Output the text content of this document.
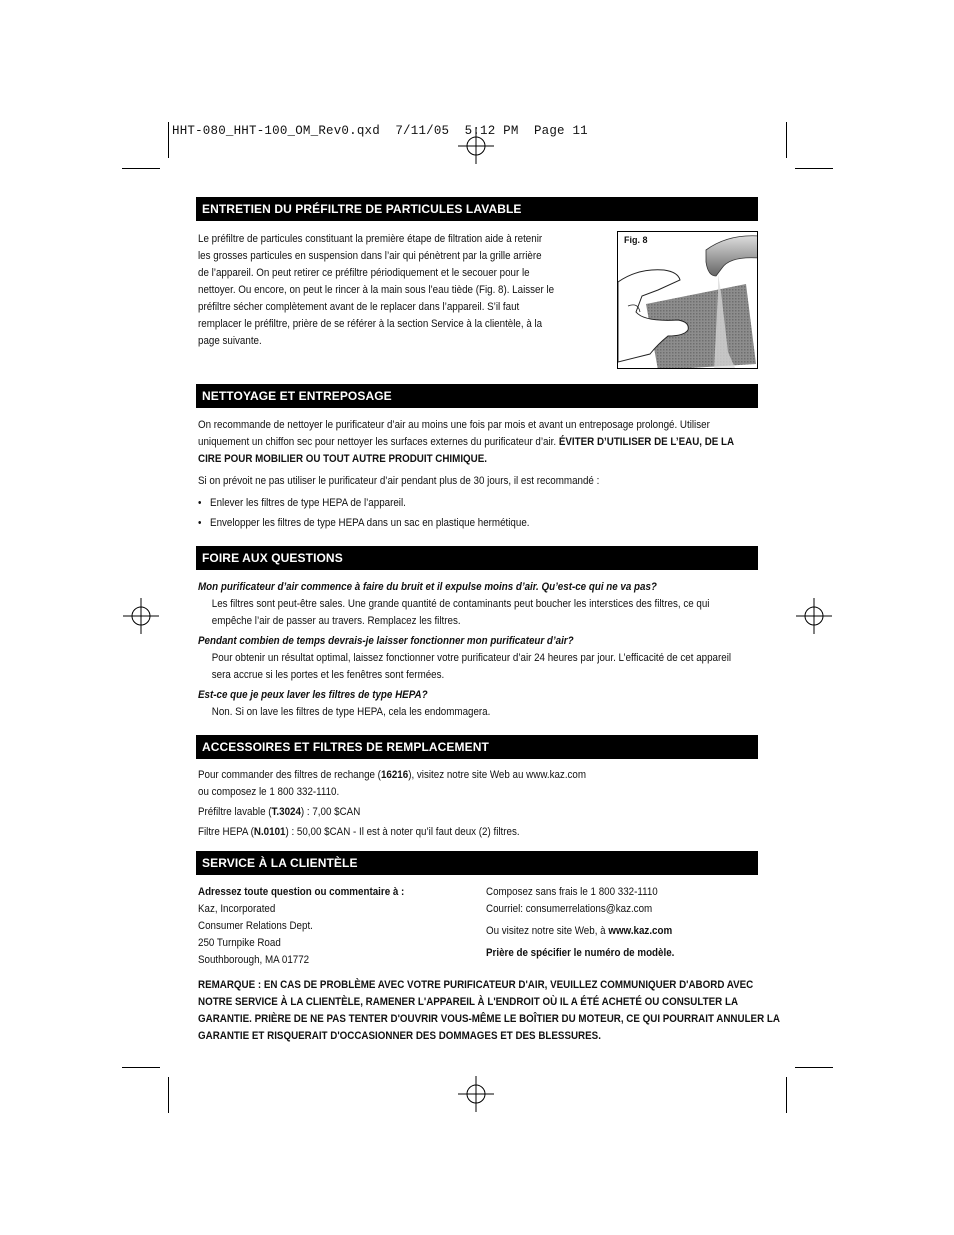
HHT-080_HHT-100_OM_Rev0.qxd  7/11/05  5:12 PM  Page 11
ENTRETIEN DU PRÉFILTRE DE PARTICULES LAVABLE
Le préfiltre de particules constituant la première étape de filtration aide à retenir
les grosses particules en suspension dans l’air qui pénètrent par la grille arrière
de l’appareil. On peut retirer ce préfiltre périodiquement et le secouer pour le
nettoyer. Ou encore, on peut le rincer à la main sous l’eau tiède (Fig. 8). Laisser le
préfiltre sécher complètement avant de le replacer dans l’appareil. S’il faut
remplacer le préfiltre, prière de se référer à la section Service à la clientèle, à la
page suivante.
Fig. 8
NETTOYAGE ET ENTREPOSAGE
On recommande de nettoyer le purificateur d’air au moins une fois par mois et avant un entreposage prolongé. Utiliser
uniquement un chiffon sec pour nettoyer les surfaces externes du purificateur d’air. ÉVITER D’UTILISER DE L’EAU, DE LA
CIRE POUR MOBILIER OU TOUT AUTRE PRODUIT CHIMIQUE.
Si on prévoit ne pas utiliser le purificateur d’air pendant plus de 30 jours, il est recommandé :
• Enlever les filtres de type HEPA de l’appareil.
• Envelopper les filtres de type HEPA dans un sac en plastique hermétique.
FOIRE AUX QUESTIONS
Mon purificateur d’air commence à faire du bruit et il expulse moins d’air. Qu’est-ce qui ne va pas?
Les filtres sont peut-être sales. Une grande quantité de contaminants peut boucher les interstices des filtres, ce qui
empêche l’air de passer au travers. Remplacez les filtres.
Pendant combien de temps devrais-je laisser fonctionner mon purificateur d’air?
Pour obtenir un résultat optimal, laissez fonctionner votre purificateur d’air 24 heures par jour. L’efficacité de cet appareil
sera accrue si les portes et les fenêtres sont fermées.
Est-ce que je peux laver les filtres de type HEPA?
Non. Si on lave les filtres de type HEPA, cela les endommagera.
ACCESSOIRES ET FILTRES DE REMPLACEMENT
Pour commander des filtres de rechange (16216), visitez notre site Web au www.kaz.com
ou composez le 1 800 332-1110.
Préfiltre lavable (T.3024) : 7,00 $CAN
Filtre HEPA (N.0101) : 50,00 $CAN - Il est à noter qu’il faut deux (2) filtres.
SERVICE À LA CLIENTÈLE
Adressez toute question ou commentaire à :
Kaz, Incorporated
Consumer Relations Dept.
250 Turnpike Road
Southborough, MA 01772
Composez sans frais le 1 800 332-1110
Courriel: consumerrelations@kaz.com
Ou visitez notre site Web, à www.kaz.com
Prière de spécifier le numéro de modèle.
REMARQUE : EN CAS DE PROBLÈME AVEC VOTRE PURIFICATEUR D'AIR, VEUILLEZ COMMUNIQUER D'ABORD AVEC
NOTRE SERVICE À LA CLIENTÈLE, RAMENER L'APPAREIL À L'ENDROIT OÙ IL A ÉTÉ ACHETÉ OU CONSULTER LA
GARANTIE. PRIÈRE DE NE PAS TENTER D'OUVRIR VOUS-MÊME LE BOÎTIER DU MOTEUR, CE QUI POURRAIT ANNULER LA
GARANTIE ET RISQUERAIT D'OCCASIONNER DES DOMMAGES ET DES BLESSURES.
